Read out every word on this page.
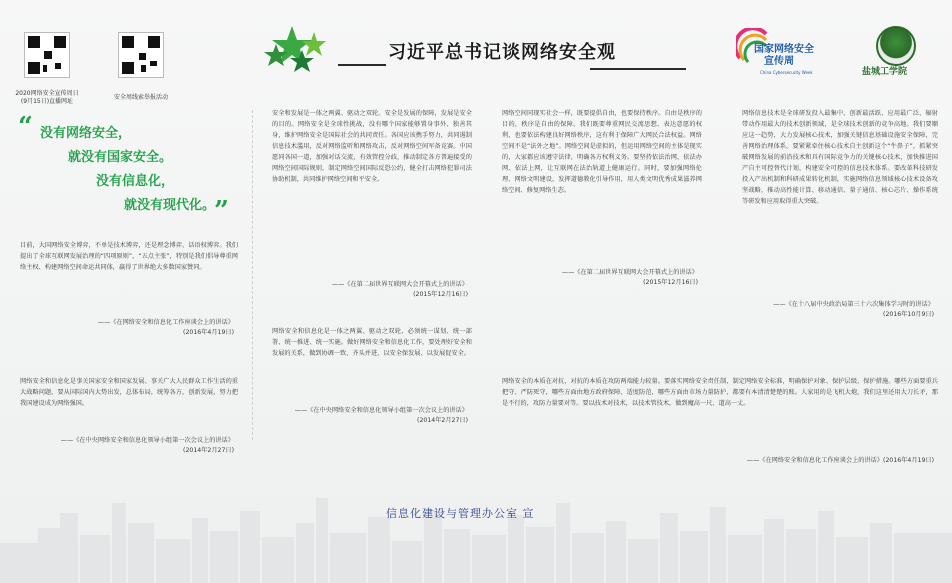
2020网络安全宣传周日
(9月15日)直播网址
安全周线索举报活动
习近平总书记谈网络安全观	国家网络安全
宣传周
China Cybersecurity Week	盐城工学院
“ 没有网络安全，
就没有国家安全。
没有信息化，
就没有现代化。
”
目前，大国网络安全博弈，不单是技术博弈，还是理念博弈、话语权博弈。我们提出了全球互联网发展治理的“四项原则”、“五点主张”，特别是我们倡导尊重网络主权、构建网络空间命运共同体，赢得了世界绝大多数国家赞同。
——《在网络安全和信息化工作座谈会上的讲话》
(2016年4月19日)
网络安全和信息化是事关国家安全和国家发展、事关广大人民群众工作生活的重大战略问题，要从国际国内大势出发，总体布局，统筹各方，创新发展，努力把我国建设成为网络强国。
——《在中央网络安全和信息化领导小组第一次会议上的讲话》
(2014年2月27日)
安全和发展是一体之两翼、驱动之双轮。安全是发展的保障，发展是安全的目的。网络安全是全球性挑战，没有哪个国家能够置身事外、独善其身，维护网络安全是国际社会的共同责任。各国应该携手努力，共同遏制信息技术滥用，反对网络监听和网络攻击，反对网络空间军备竞赛。中国愿同各国一道，加强对话交流，有效管控分歧，推动制定各方普遍接受的网络空间国际规则，制定网络空间国际反恐公约，健全打击网络犯罪司法协助机制，共同维护网络空间和平安全。
——《在第二届世界互联网大会开幕式上的讲话》
(2015年12月16日)
网络安全和信息化是一体之两翼、驱动之双轮，必须统一谋划、统一部署、统一推进、统一实施。做好网络安全和信息化工作，要处理好安全和发展的关系，做到协调一致、齐头并进，以安全保发展、以发展促安全。
——《在中央网络安全和信息化领导小组第一次会议上的讲话》
(2014年2月27日)
网络空间同现实社会一样，既要提倡自由，也要保持秩序。自由是秩序的目的，秩序是自由的保障。我们既要尊重网民交流思想、表达意愿的权利，也要依法构建良好网络秩序，这有利于保障广大网民合法权益。网络空间不是“法外之地”。网络空间是虚拟的，但运用网络空间的主体是现实的，大家都应该遵守法律，明确各方权利义务。要坚持依法治网、依法办网、依法上网，让互联网在法治轨道上健康运行。同时，要加强网络伦理、网络文明建设，发挥道德教化引导作用，用人类文明优秀成果滋养网络空间、修复网络生态。
——《在第二届世界互联网大会开幕式上的讲话》
(2015年12月16日)
网络信息技术是全球研发投入最集中、创新最活跃、应用最广泛、辐射带动作用最大的技术创新领域，是全球技术创新的竞争高地。我们要顺应这一趋势，大力发展核心技术，加强关键信息基础设施安全保障，完善网络治理体系。要紧紧牵住核心技术自主创新这个“牛鼻子”，抓紧突破网络发展的前沿技术和具有国际竞争力的关键核心技术，加快推进国产自主可控替代计划，构建安全可控的信息技术体系。要改革科技研发投入产出机制和科研成果转化机制，实施网络信息领域核心技术设备攻坚战略，推动高性能计算、移动通信、量子通信、核心芯片、操作系统等研发和应用取得重大突破。
——《在十八届中央政治局第三十六次集体学习时的讲话》
(2016年10月9日)
网络安全的本质在对抗，对抗的本质在攻防两端能力较量。要落实网络安全责任制，制定网络安全标准，明确保护对象、保护层级、保护措施。哪些方面要重兵把守、严防死守，哪些方面由地方政府保障、适度防范，哪些方面由市场力量防护，都要有本清清楚楚的账。人家用的是飞机大炮，我们这里还用大刀长矛，那是不行的，攻防力量要对等。要以技术对技术，以技术管技术，做到魔高一尺、道高一丈。
——《在网络安全和信息化工作座谈会上的讲话》(2016年4月19日)
信息化建设与管理办公室 宣
